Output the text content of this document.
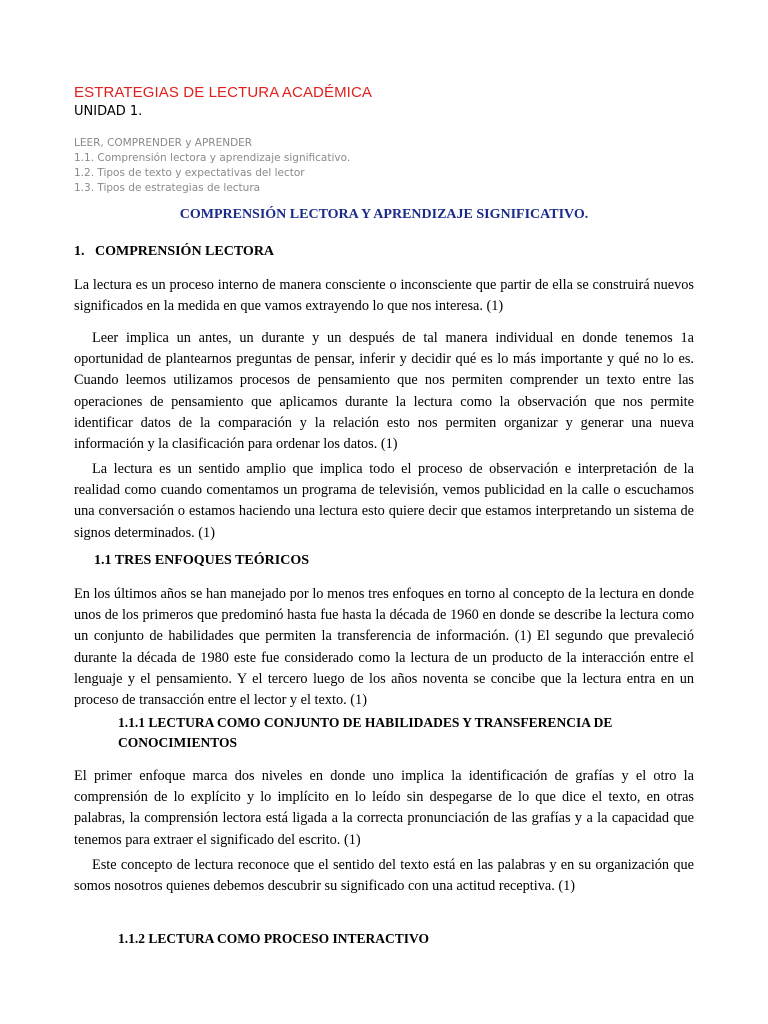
ESTRATEGIAS DE LECTURA ACADÉMICA
UNIDAD 1.
LEER, COMPRENDER y APRENDER
1.1. Comprensión lectora y aprendizaje significativo.
1.2. Tipos de texto y expectativas del lector
1.3. Tipos de estrategias de lectura
COMPRENSIÓN LECTORA Y APRENDIZAJE SIGNIFICATIVO.
1.   COMPRENSIÓN LECTORA

La lectura es un proceso interno de manera consciente o inconsciente que partir de ella se construirá nuevos significados en la medida en que vamos extrayendo lo que nos interesa. (1)

Leer implica un antes, un durante y un después de tal manera individual en donde tenemos 1a oportunidad de plantearnos preguntas de pensar, inferir y decidir qué es lo más importante y qué no lo es. Cuando leemos utilizamos procesos de pensamiento que nos permiten comprender un texto entre las operaciones de pensamiento que aplicamos durante la lectura como la observación que nos permite identificar datos de la comparación y la relación esto nos permiten organizar y generar una nueva información y la clasificación para ordenar los datos. (1)

La lectura es un sentido amplio que implica todo el proceso de observación e interpretación de la realidad como cuando comentamos un programa de televisión, vemos publicidad en la calle o escuchamos una conversación o estamos haciendo una lectura esto quiere decir que estamos interpretando un sistema de signos determinados. (1)

1.1 TRES ENFOQUES TEÓRICOS

En los últimos años se han manejado por lo menos tres enfoques en torno al concepto de la lectura en donde unos de los primeros que predominó hasta fue hasta la década de 1960 en donde se describe la lectura como un conjunto de habilidades que permiten la transferencia de información. (1) El segundo que prevaleció durante la década de 1980 este fue considerado como la lectura de un producto de la interacción entre el lenguaje y el pensamiento. Y el tercero luego de los años noventa se concibe que la lectura entra en un proceso de transacción entre el lector y el texto. (1)

1.1.1 LECTURA COMO CONJUNTO DE HABILIDADES Y TRANSFERENCIA DE
CONOCIMIENTOS

El primer enfoque marca dos niveles en donde uno implica la identificación de grafías y el otro la comprensión de lo explícito y lo implícito en lo leído sin despegarse de lo que dice el texto, en otras palabras, la comprensión lectora está ligada a la correcta pronunciación de las grafías y a la capacidad que tenemos para extraer el significado del escrito. (1)

Este concepto de lectura reconoce que el sentido del texto está en las palabras y en su organización que somos nosotros quienes debemos descubrir su significado con una actitud receptiva. (1)

1.1.2 LECTURA COMO PROCESO INTERACTIVO
